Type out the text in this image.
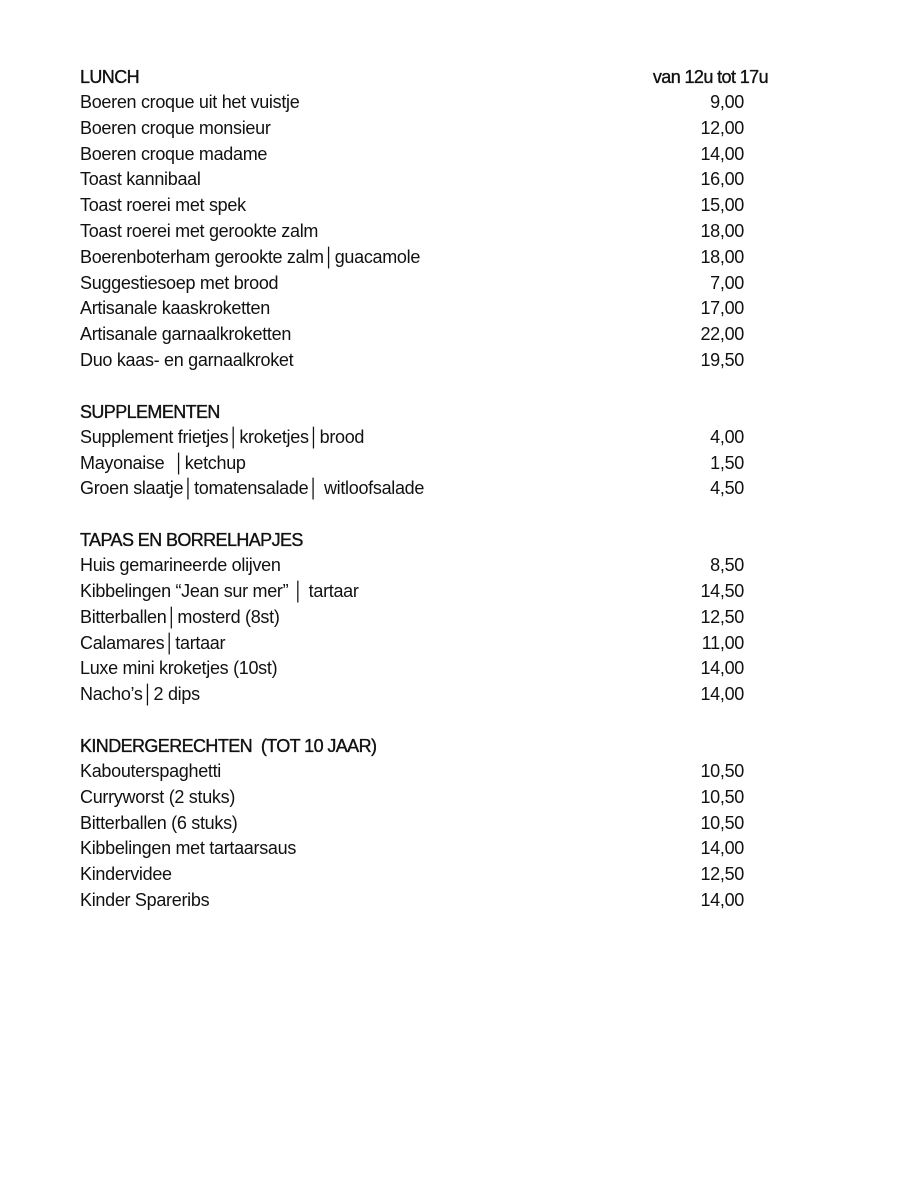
LUNCH	van 12u tot 17u
Boeren croque uit het vuistje	9,00
Boeren croque monsieur	12,00
Boeren croque madame	14,00
Toast kannibaal	16,00
Toast roerei met spek	15,00
Toast roerei met gerookte zalm	18,00
Boerenboterham gerookte zalm│guacamole	18,00
Suggestiesoep met brood	7,00
Artisanale kaaskroketten	17,00
Artisanale garnaalkroketten	22,00
Duo kaas- en garnaalkroket	19,50
SUPPLEMENTEN
Supplement frietjes│kroketjes│brood	4,00
Mayonaise  │ketchup	1,50
Groen slaatje│tomatensalade│ witloofsalade	4,50
TAPAS EN BORRELHAPJES
Huis gemarineerde olijven	8,50
Kibbelingen “Jean sur mer” │ tartaar	14,50
Bitterballen│mosterd (8st)	12,50
Calamares│tartaar	11,00
Luxe mini kroketjes (10st)	14,00
Nacho’s│2 dips	14,00
KINDERGERECHTEN  (TOT 10 JAAR)
Kabouterspaghetti	10,50
Curryworst (2 stuks)	10,50
Bitterballen (6 stuks)	10,50
Kibbelingen met tartaarsaus	14,00
Kindervidee	12,50
Kinder Spareribs	14,00
